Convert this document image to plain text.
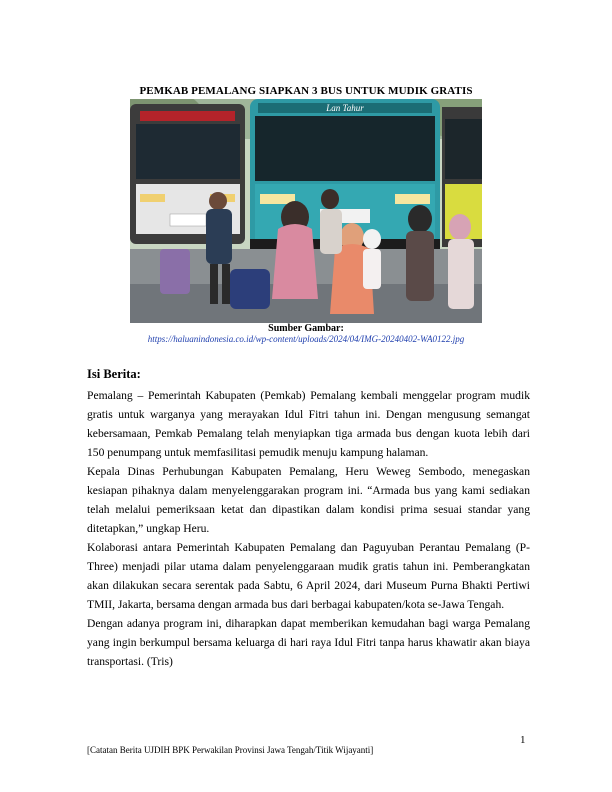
PEMKAB PEMALANG SIAPKAN 3 BUS UNTUK MUDIK GRATIS
Lan Tahur
Sumber Gambar:
https://haluanindonesia.co.id/wp-content/uploads/2024/04/IMG-20240402-WA0122.jpg
Isi Berita:

Pemalang – Pemerintah Kabupaten (Pemkab) Pemalang kembali menggelar program mudik gratis untuk warganya yang merayakan Idul Fitri tahun ini. Dengan mengusung semangat kebersamaan, Pemkab Pemalang telah menyiapkan tiga armada bus dengan kuota lebih dari 150 penumpang untuk memfasilitasi pemudik menuju kampung halaman.

Kepala Dinas Perhubungan Kabupaten Pemalang, Heru Weweg Sembodo, menegaskan kesiapan pihaknya dalam menyelenggarakan program ini. “Armada bus yang kami sediakan telah melalui pemeriksaan ketat dan dipastikan dalam kondisi prima sesuai standar yang ditetapkan,” ungkap Heru.

Kolaborasi antara Pemerintah Kabupaten Pemalang dan Paguyuban Perantau Pemalang (P-Three) menjadi pilar utama dalam penyelenggaraan mudik gratis tahun ini. Pemberangkatan akan dilakukan secara serentak pada Sabtu, 6 April 2024, dari Museum Purna Bhakti Pertiwi TMII, Jakarta, bersama dengan armada bus dari berbagai kabupaten/kota se-Jawa Tengah.

Dengan adanya program ini, diharapkan dapat memberikan kemudahan bagi warga Pemalang yang ingin berkumpul bersama keluarga di hari raya Idul Fitri tanpa harus khawatir akan biaya transportasi. (Tris)

1
[Catatan Berita UJDIH BPK Perwakilan Provinsi Jawa Tengah/Titik Wijayanti]
